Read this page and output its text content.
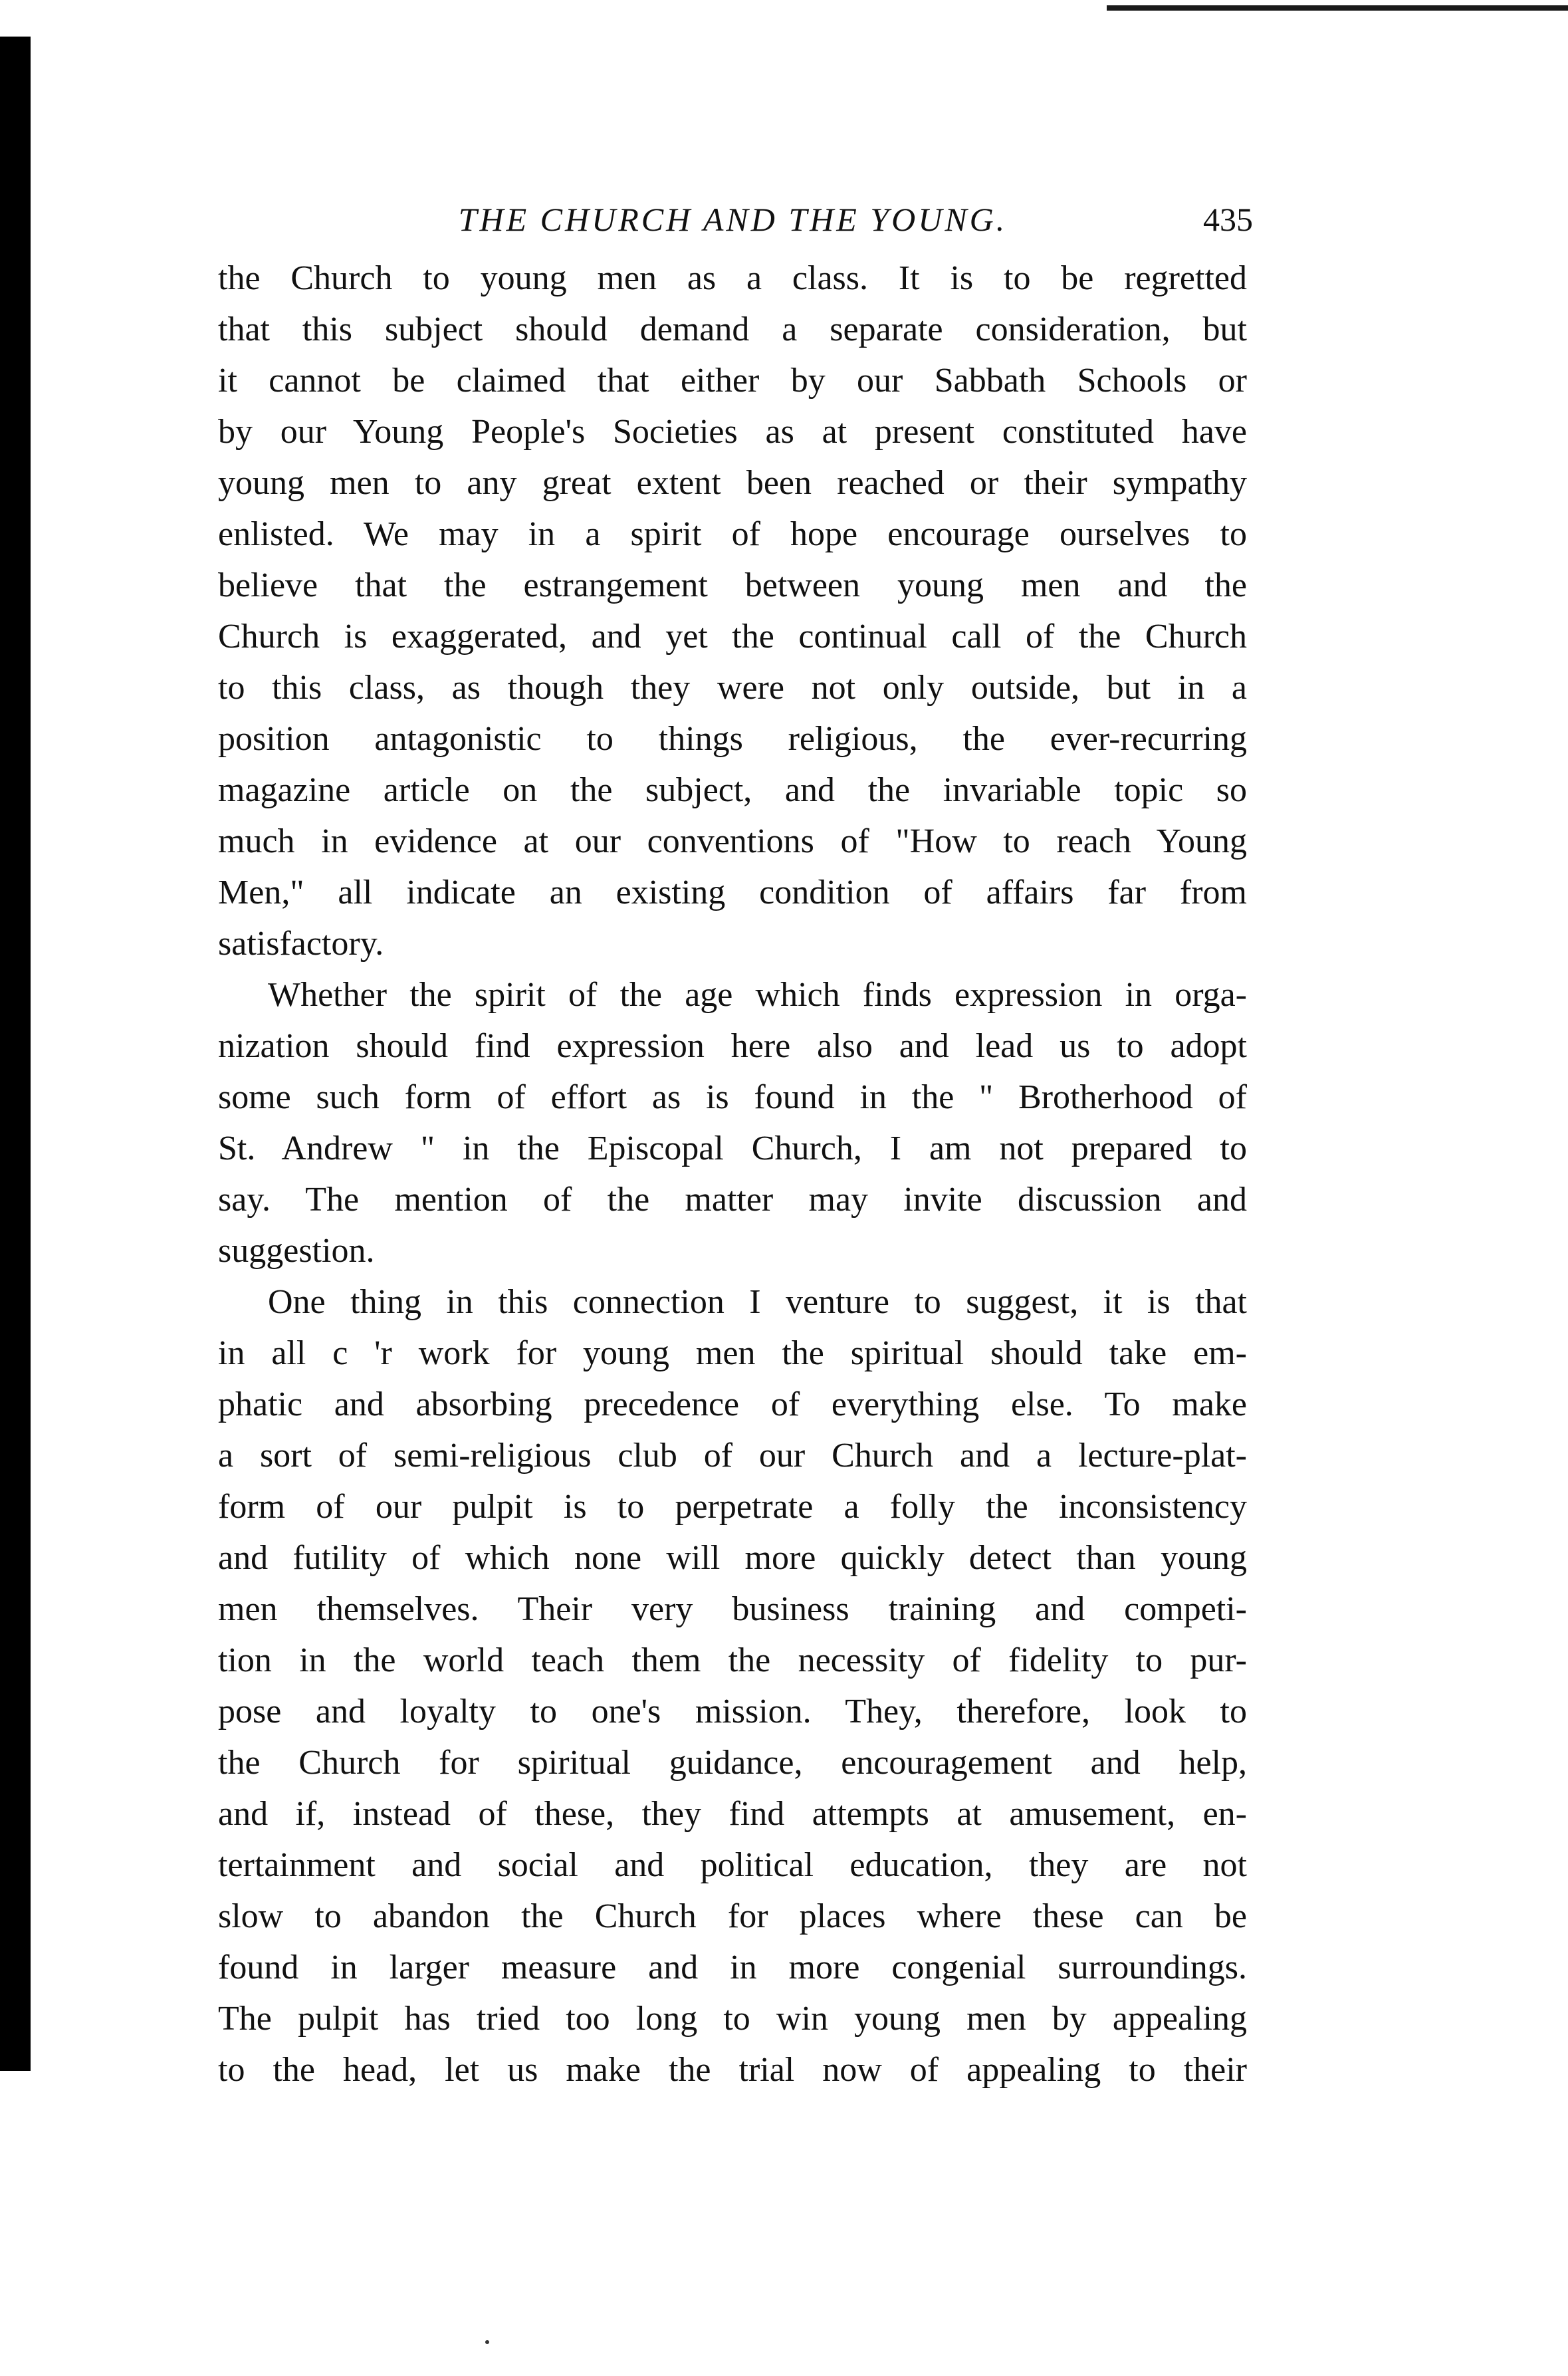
THE CHURCH AND THE YOUNG.	435
the Church to young men as a class. It is to be regretted
that this subject should demand a separate consideration, but
it cannot be claimed that either by our Sabbath Schools or
by our Young People's Societies as at present constituted have
young men to any great extent been reached or their sympathy
enlisted. We may in a spirit of hope encourage ourselves to
believe that the estrangement between young men and the
Church is exaggerated, and yet the continual call of the Church
to this class, as though they were not only outside, but in a
position antagonistic to things religious, the ever-recurring
magazine article on the subject, and the invariable topic so
much in evidence at our conventions of "How to reach Young
Men," all indicate an existing condition of affairs far from
satisfactory.
Whether the spirit of the age which finds expression in orga-
nization should find expression here also and lead us to adopt
some such form of effort as is found in the " Brotherhood of
St. Andrew " in the Episcopal Church, I am not prepared to
say. The mention of the matter may invite discussion and
suggestion.
One thing in this connection I venture to suggest, it is that
in all c 'r work for young men the spiritual should take em-
phatic and absorbing precedence of everything else. To make
a sort of semi-religious club of our Church and a lecture-plat-
form of our pulpit is to perpetrate a folly the inconsistency
and futility of which none will more quickly detect than young
men themselves. Their very business training and competi-
tion in the world teach them the necessity of fidelity to pur-
pose and loyalty to one's mission. They, therefore, look to
the Church for spiritual guidance, encouragement and help,
and if, instead of these, they find attempts at amusement, en-
tertainment and social and political education, they are not
slow to abandon the Church for places where these can be
found in larger measure and in more congenial surroundings.
The pulpit has tried too long to win young men by appealing
to the head, let us make the trial now of appealing to their
